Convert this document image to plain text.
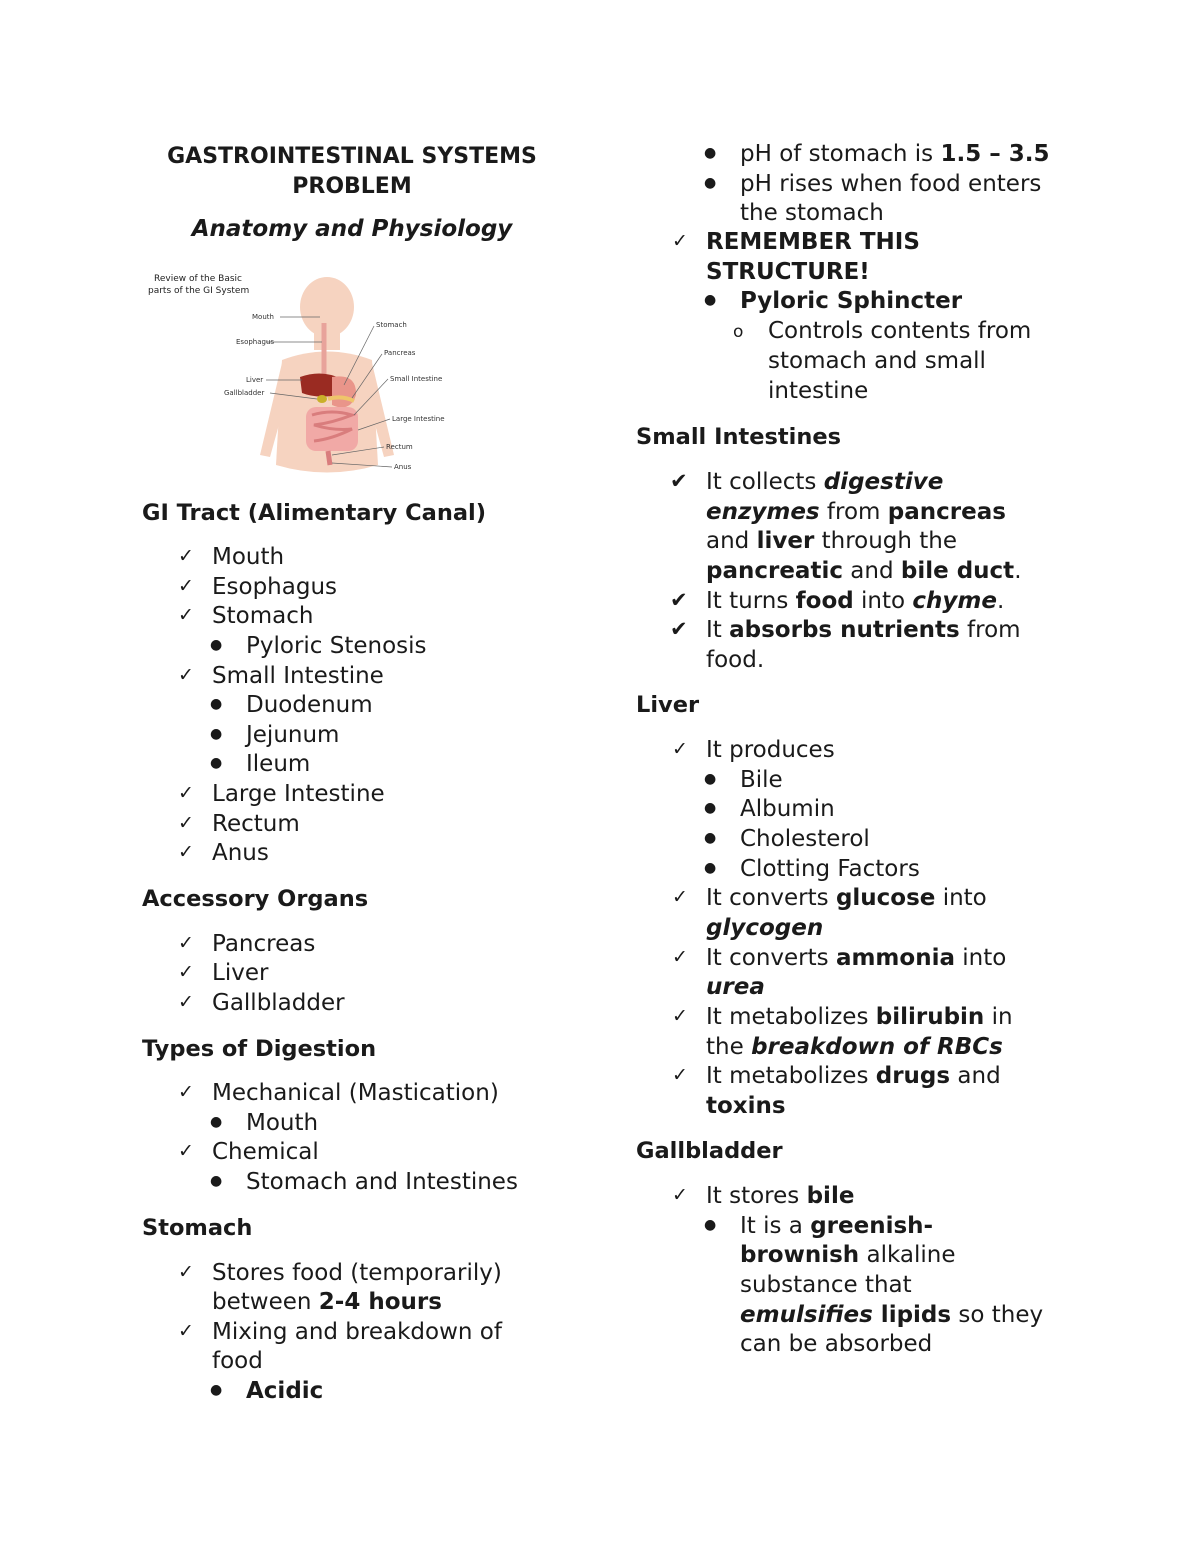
GASTROINTESTINAL SYSTEMS
PROBLEM
Anatomy and Physiology
Review of the Basic
parts of the GI System
Mouth
Esophagus
Liver
Gallbladder
Stomach
Pancreas
Small Intestine
Large Intestine
Rectum
Anus
GI Tract (Alimentary Canal)
✓ Mouth
✓ Esophagus
✓ Stomach
● Pyloric Stenosis
✓ Small Intestine
● Duodenum
● Jejunum
● Ileum
✓ Large Intestine
✓ Rectum
✓ Anus
Accessory Organs
✓ Pancreas
✓ Liver
✓ Gallbladder
Types of Digestion
✓ Mechanical (Mastication)
● Mouth
✓ Chemical
● Stomach and Intestines
Stomach
✓ Stores food (temporarily)
between 2-4 hours
✓ Mixing and breakdown of
food
● Acidic
● pH of stomach is 1.5 – 3.5
● pH rises when food enters
the stomach
✓ REMEMBER THIS
STRUCTURE!
● Pyloric Sphincter
o Controls contents from
stomach and small
intestine
Small Intestines
✔ It collects digestive
enzymes from pancreas
and liver through the
pancreatic and bile duct.
✔ It turns food into chyme.
✔ It absorbs nutrients from
food.
Liver
✓ It produces
● Bile
● Albumin
● Cholesterol
● Clotting Factors
✓ It converts glucose into
glycogen
✓ It converts ammonia into
urea
✓ It metabolizes bilirubin in
the breakdown of RBCs
✓ It metabolizes drugs and
toxins
Gallbladder
✓ It stores bile
● It is a greenish-
brownish alkaline
substance that
emulsifies lipids so they
can be absorbed
